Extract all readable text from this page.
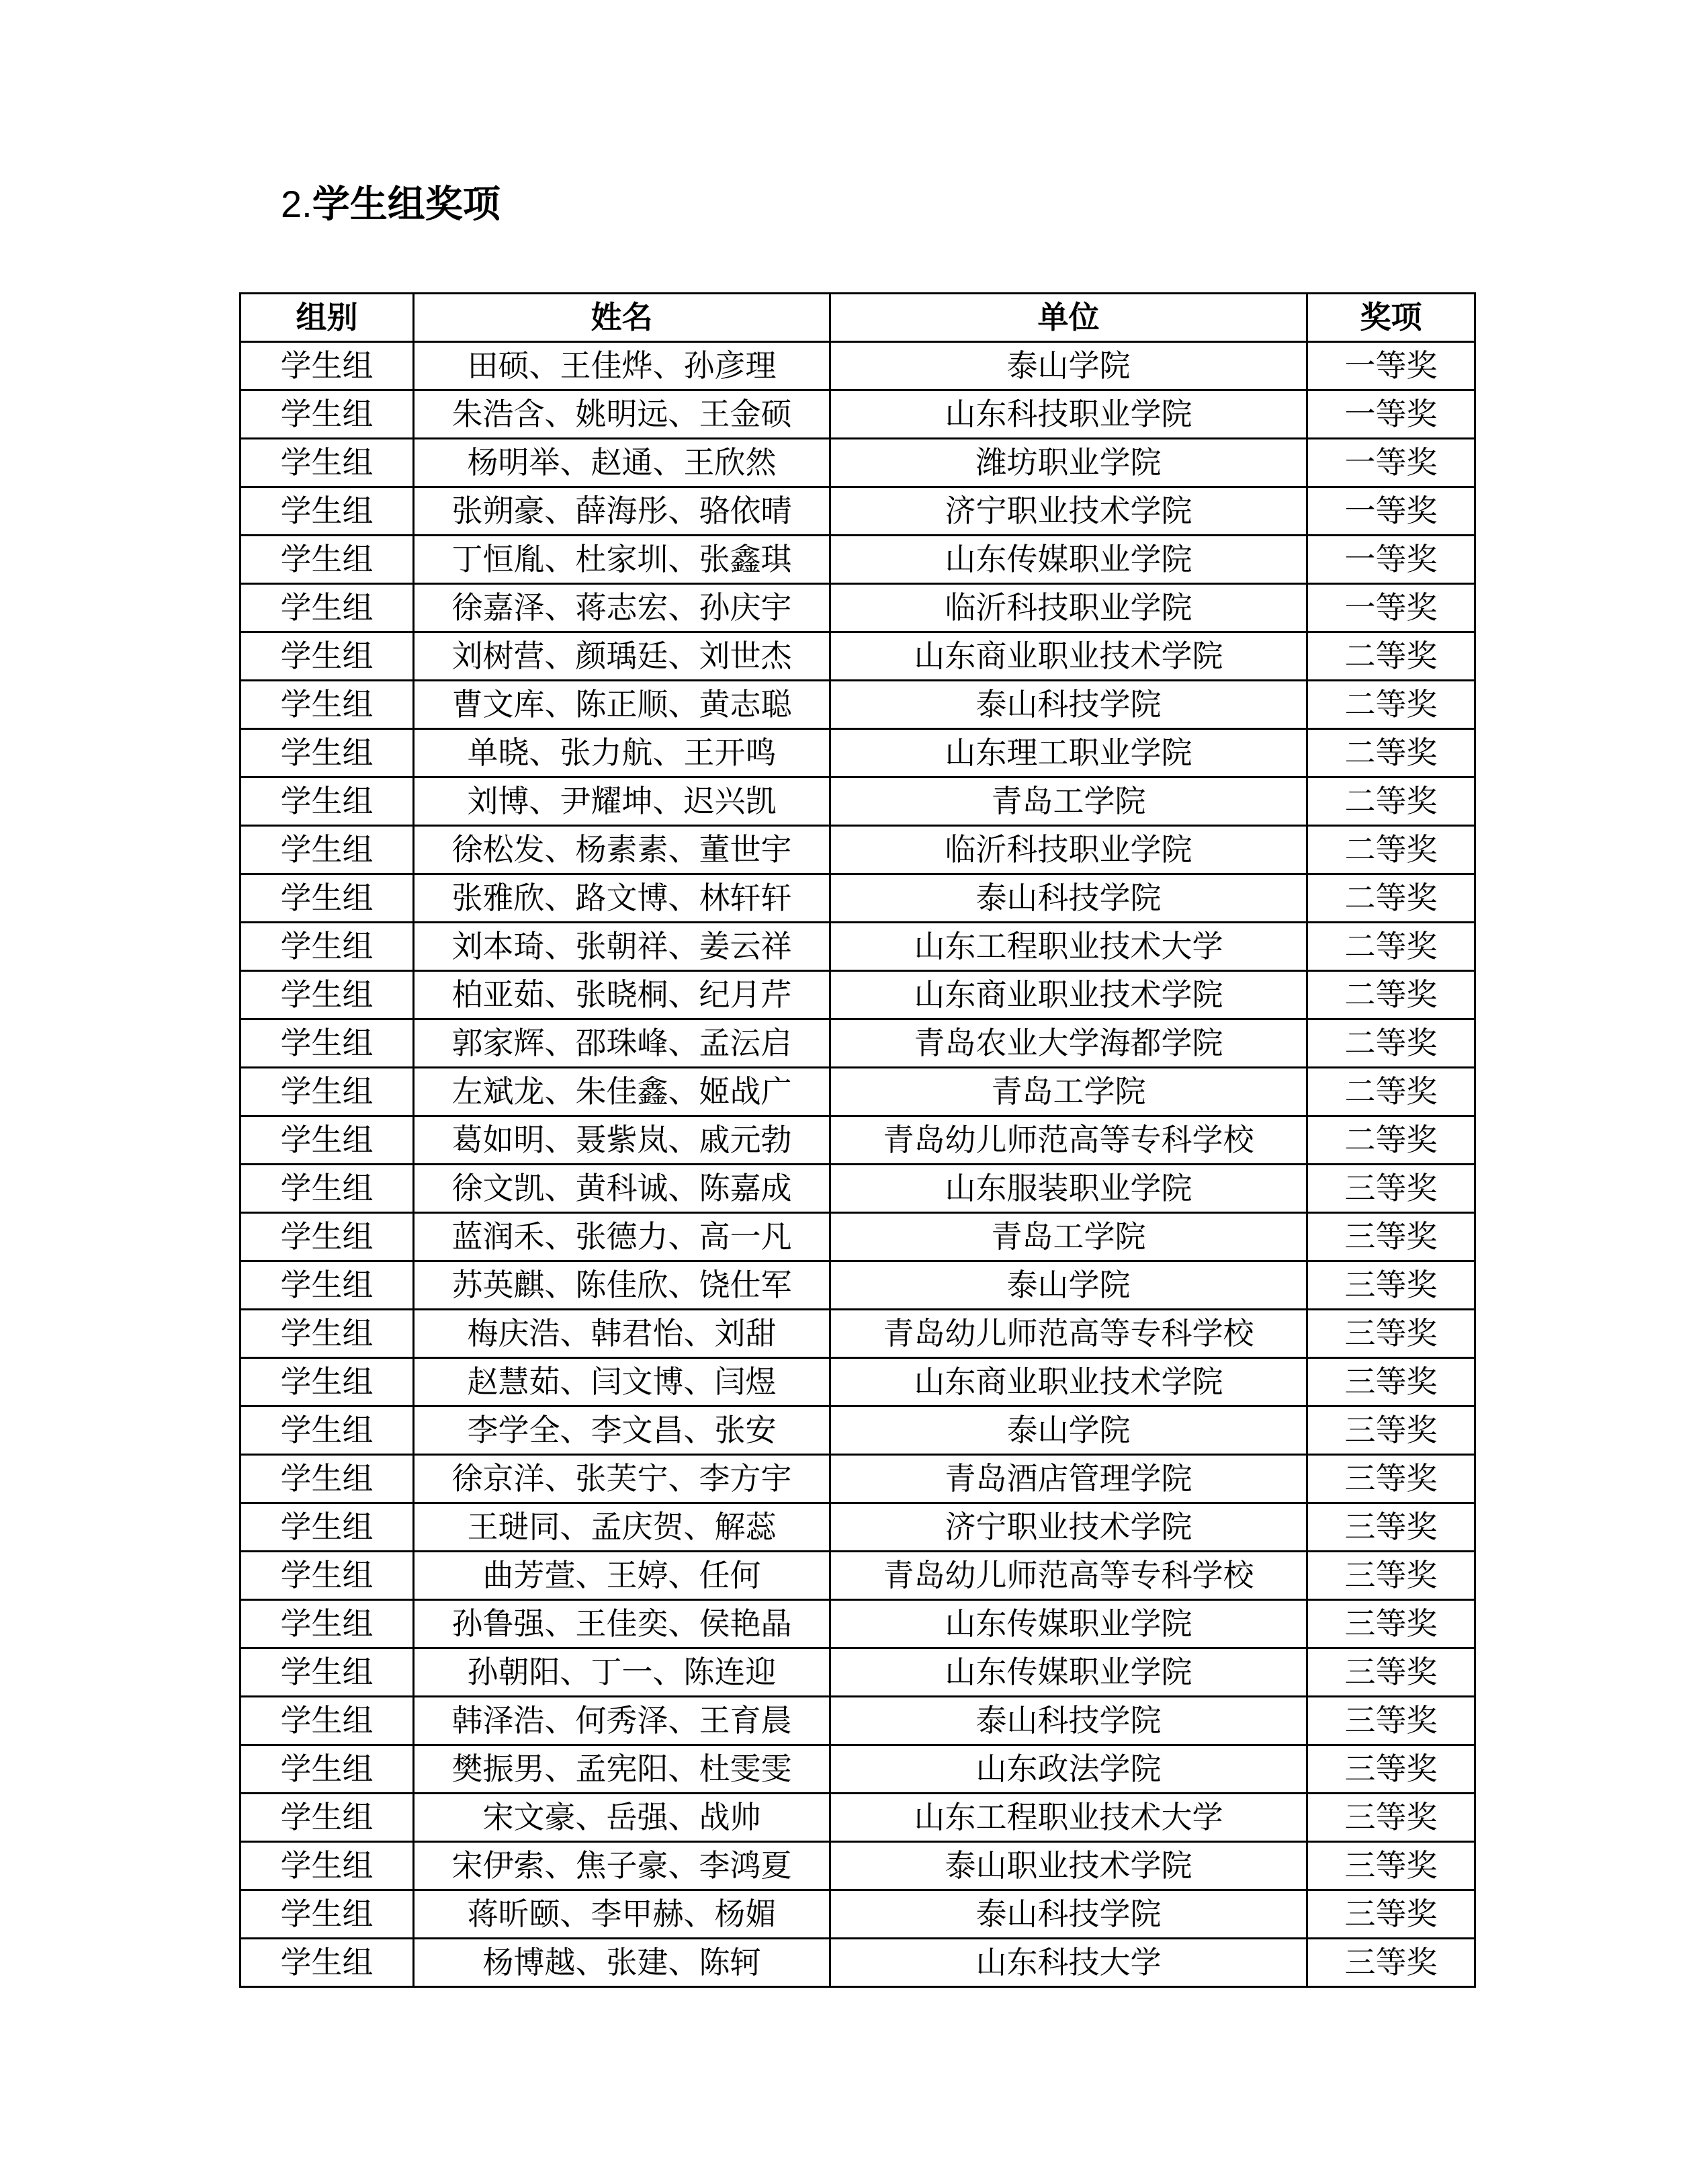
2.学生组奖项
组别	姓名	单位	奖项
学生组	田硕、王佳烨、孙彦理	泰山学院	一等奖
学生组	朱浩含、姚明远、王金硕	山东科技职业学院	一等奖
学生组	杨明举、赵通、王欣然	潍坊职业学院	一等奖
学生组	张朔豪、薛海彤、骆依晴	济宁职业技术学院	一等奖
学生组	丁恒胤、杜家圳、张鑫琪	山东传媒职业学院	一等奖
学生组	徐嘉泽、蒋志宏、孙庆宇	临沂科技职业学院	一等奖
学生组	刘树营、颜瑀廷、刘世杰	山东商业职业技术学院	二等奖
学生组	曹文库、陈正顺、黄志聪	泰山科技学院	二等奖
学生组	单晓、张力航、王开鸣	山东理工职业学院	二等奖
学生组	刘博、尹耀坤、迟兴凯	青岛工学院	二等奖
学生组	徐松发、杨素素、董世宇	临沂科技职业学院	二等奖
学生组	张雅欣、路文博、林轩轩	泰山科技学院	二等奖
学生组	刘本琦、张朝祥、姜云祥	山东工程职业技术大学	二等奖
学生组	柏亚茹、张晓桐、纪月芹	山东商业职业技术学院	二等奖
学生组	郭家辉、邵珠峰、孟沄启	青岛农业大学海都学院	二等奖
学生组	左斌龙、朱佳鑫、姬战广	青岛工学院	二等奖
学生组	葛如明、聂紫岚、戚元勃	青岛幼儿师范高等专科学校	二等奖
学生组	徐文凯、黄科诚、陈嘉成	山东服装职业学院	三等奖
学生组	蓝润禾、张德力、高一凡	青岛工学院	三等奖
学生组	苏英麒、陈佳欣、饶仕军	泰山学院	三等奖
学生组	梅庆浩、韩君怡、刘甜	青岛幼儿师范高等专科学校	三等奖
学生组	赵慧茹、闫文博、闫煜	山东商业职业技术学院	三等奖
学生组	李学全、李文昌、张安	泰山学院	三等奖
学生组	徐京洋、张芙宁、李方宇	青岛酒店管理学院	三等奖
学生组	王琎同、孟庆贺、解蕊	济宁职业技术学院	三等奖
学生组	曲芳萱、王婷、任何	青岛幼儿师范高等专科学校	三等奖
学生组	孙鲁强、王佳奕、侯艳晶	山东传媒职业学院	三等奖
学生组	孙朝阳、丁一、陈连迎	山东传媒职业学院	三等奖
学生组	韩泽浩、何秀泽、王育晨	泰山科技学院	三等奖
学生组	樊振男、孟宪阳、杜雯雯	山东政法学院	三等奖
学生组	宋文豪、岳强、战帅	山东工程职业技术大学	三等奖
学生组	宋伊索、焦子豪、李鸿夏	泰山职业技术学院	三等奖
学生组	蒋昕颐、李甲赫、杨媚	泰山科技学院	三等奖
学生组	杨博越、张建、陈轲	山东科技大学	三等奖
